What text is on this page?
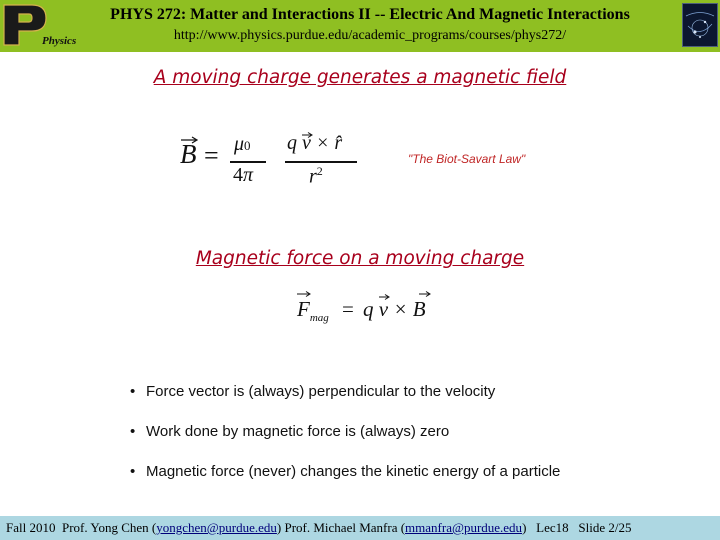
Physics
PHYS 272: Matter and Interactions II -- Electric And Magnetic Interactions
http://www.physics.purdue.edu/academic_programs/courses/phys272/
A moving charge generates a magnetic field
B = μ0
4π
q v × r̂
$r^2$
"The Biot-Savart Law"
Magnetic force on a moving charge
$F_{mag} = q$ v × B
• Force vector is (always) perpendicular to the velocity
• Work done by magnetic force is (always) zero
• Magnetic force (never) changes the kinetic energy of a particle
Fall 2010 Prof. Yong Chen (yongchen@purdue.edu) Prof. Michael Manfra (mmanfra@purdue.edu) Lec18 Slide 2/25
